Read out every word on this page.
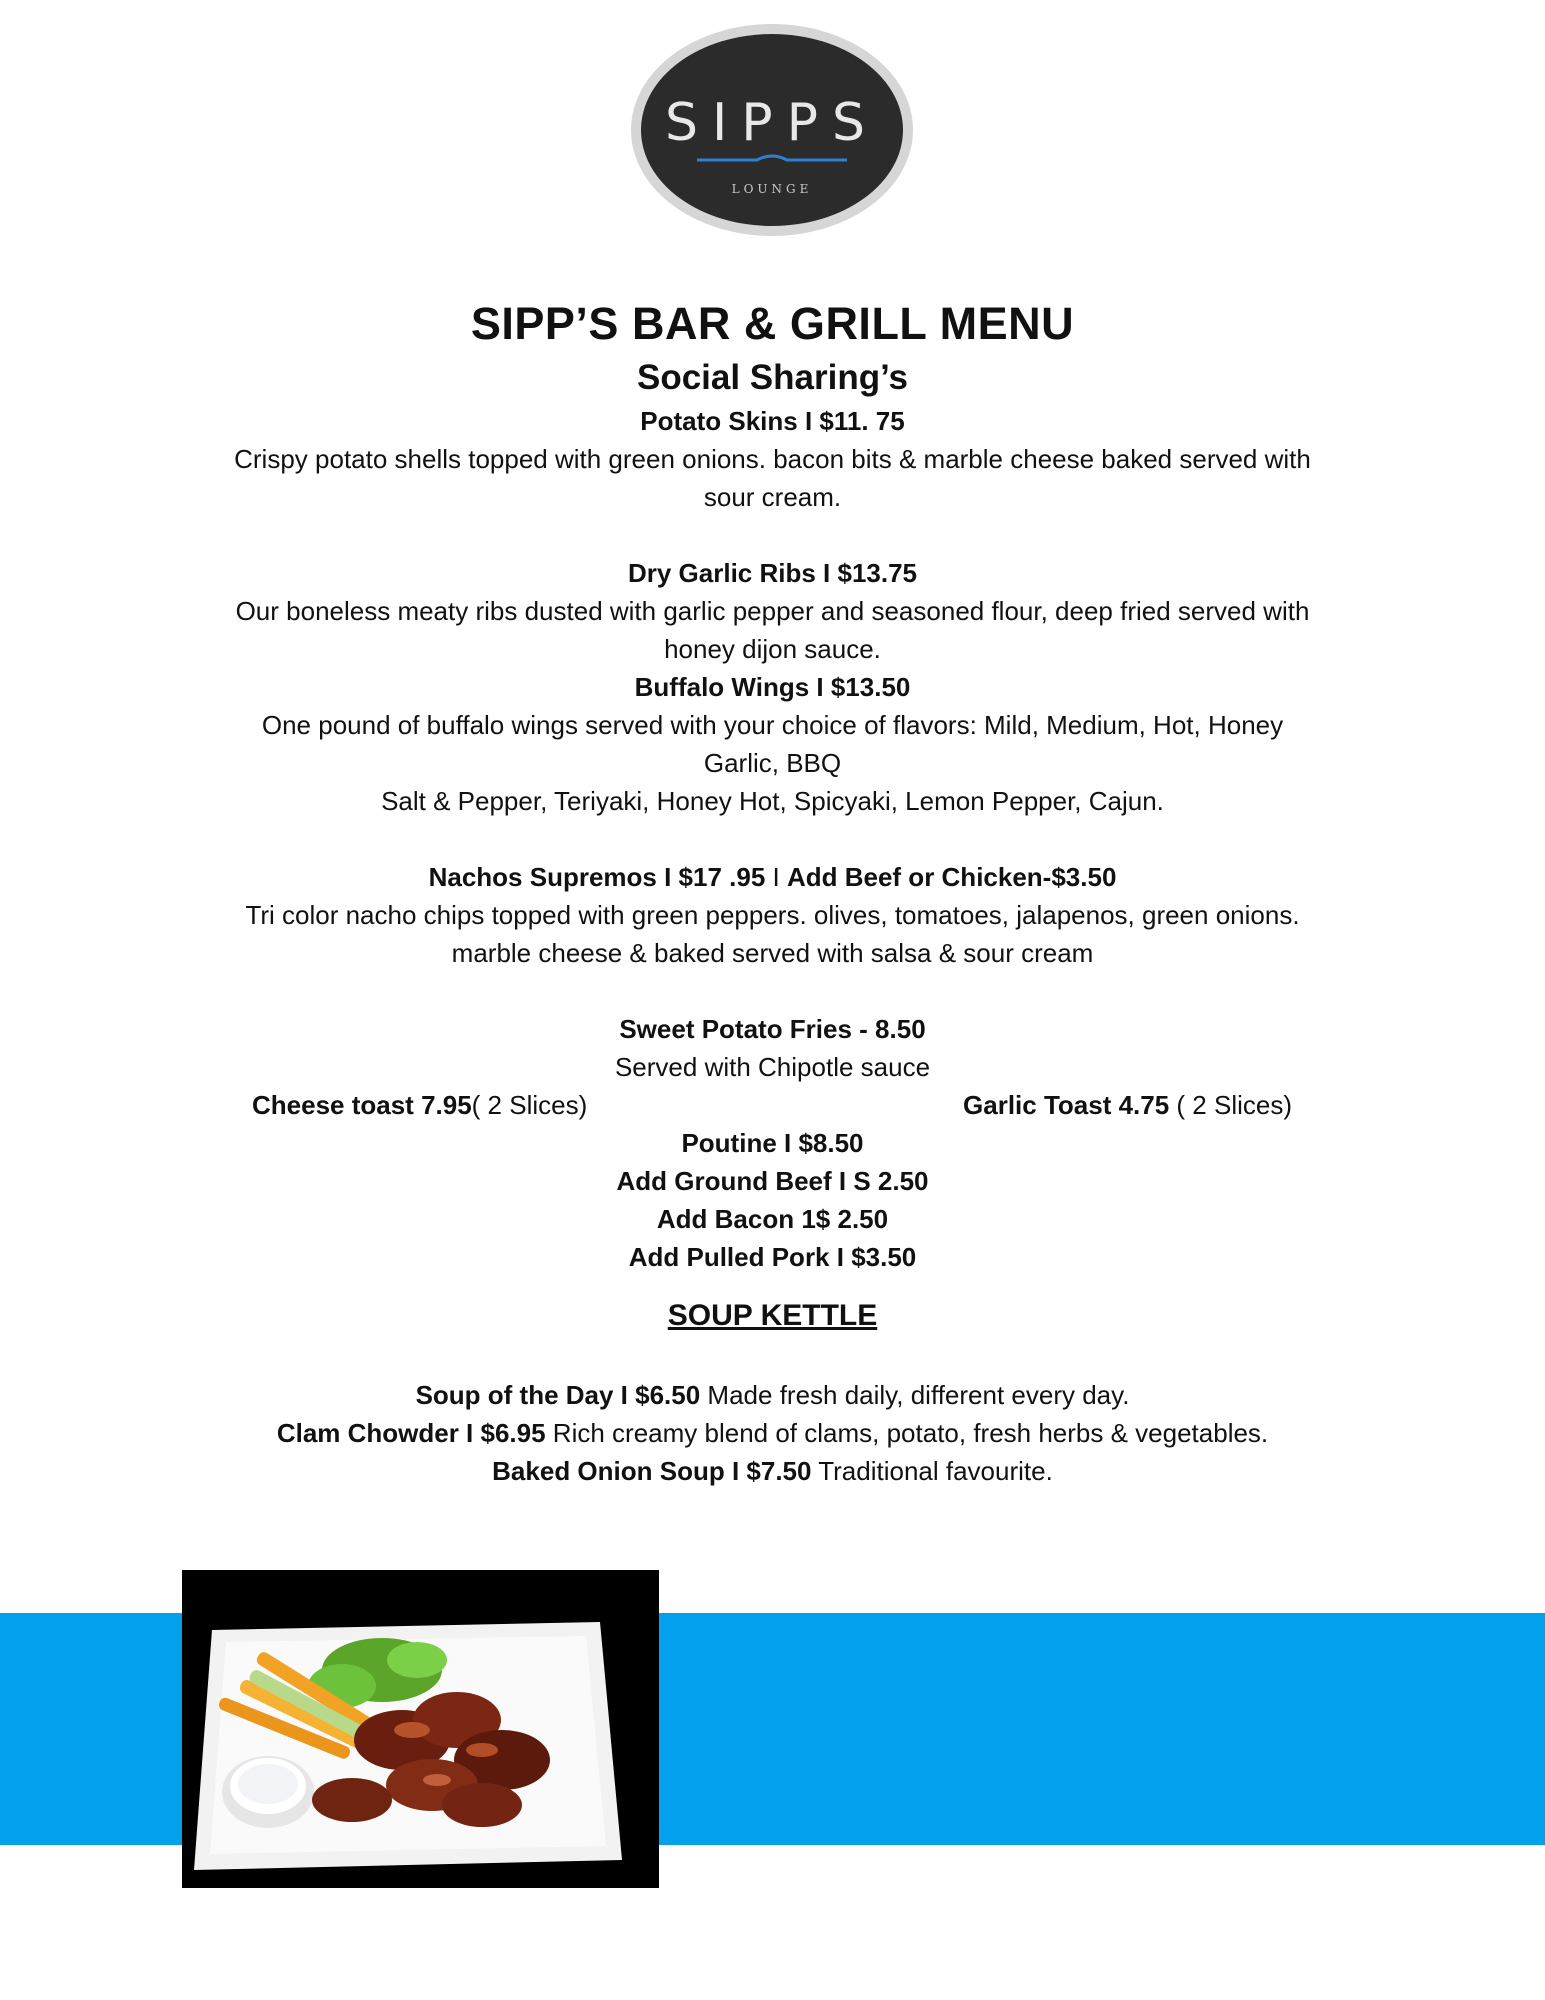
SIPPS
LOUNGE
SIPP’S BAR & GRILL MENU
Social Sharing’s
Potato Skins I $11. 75
Crispy potato shells topped with green onions. bacon bits & marble cheese baked served with
sour cream.
Dry Garlic Ribs I $13.75
Our boneless meaty ribs dusted with garlic pepper and seasoned flour, deep fried served with
honey dijon sauce.
Buffalo Wings I $13.50
One pound of buffalo wings served with your choice of flavors: Mild, Medium, Hot, Honey
Garlic, BBQ
Salt & Pepper, Teriyaki, Honey Hot, Spicyaki, Lemon Pepper, Cajun.
Nachos Supremos I $17 .95 I Add Beef or Chicken-$3.50
Tri color nacho chips topped with green peppers. olives, tomatoes, jalapenos, green onions.
marble cheese & baked served with salsa & sour cream
Sweet Potato Fries - 8.50
Served with Chipotle sauce
Cheese toast 7.95( 2 Slices)	Garlic Toast 4.75 ( 2 Slices)
Poutine I $8.50
Add Ground Beef I S 2.50
Add Bacon 1$ 2.50
Add Pulled Pork I $3.50
SOUP KETTLE
Soup of the Day I $6.50 Made fresh daily, different every day.
Clam Chowder I $6.95 Rich creamy blend of clams, potato, fresh herbs & vegetables.
Baked Onion Soup I $7.50 Traditional favourite.
